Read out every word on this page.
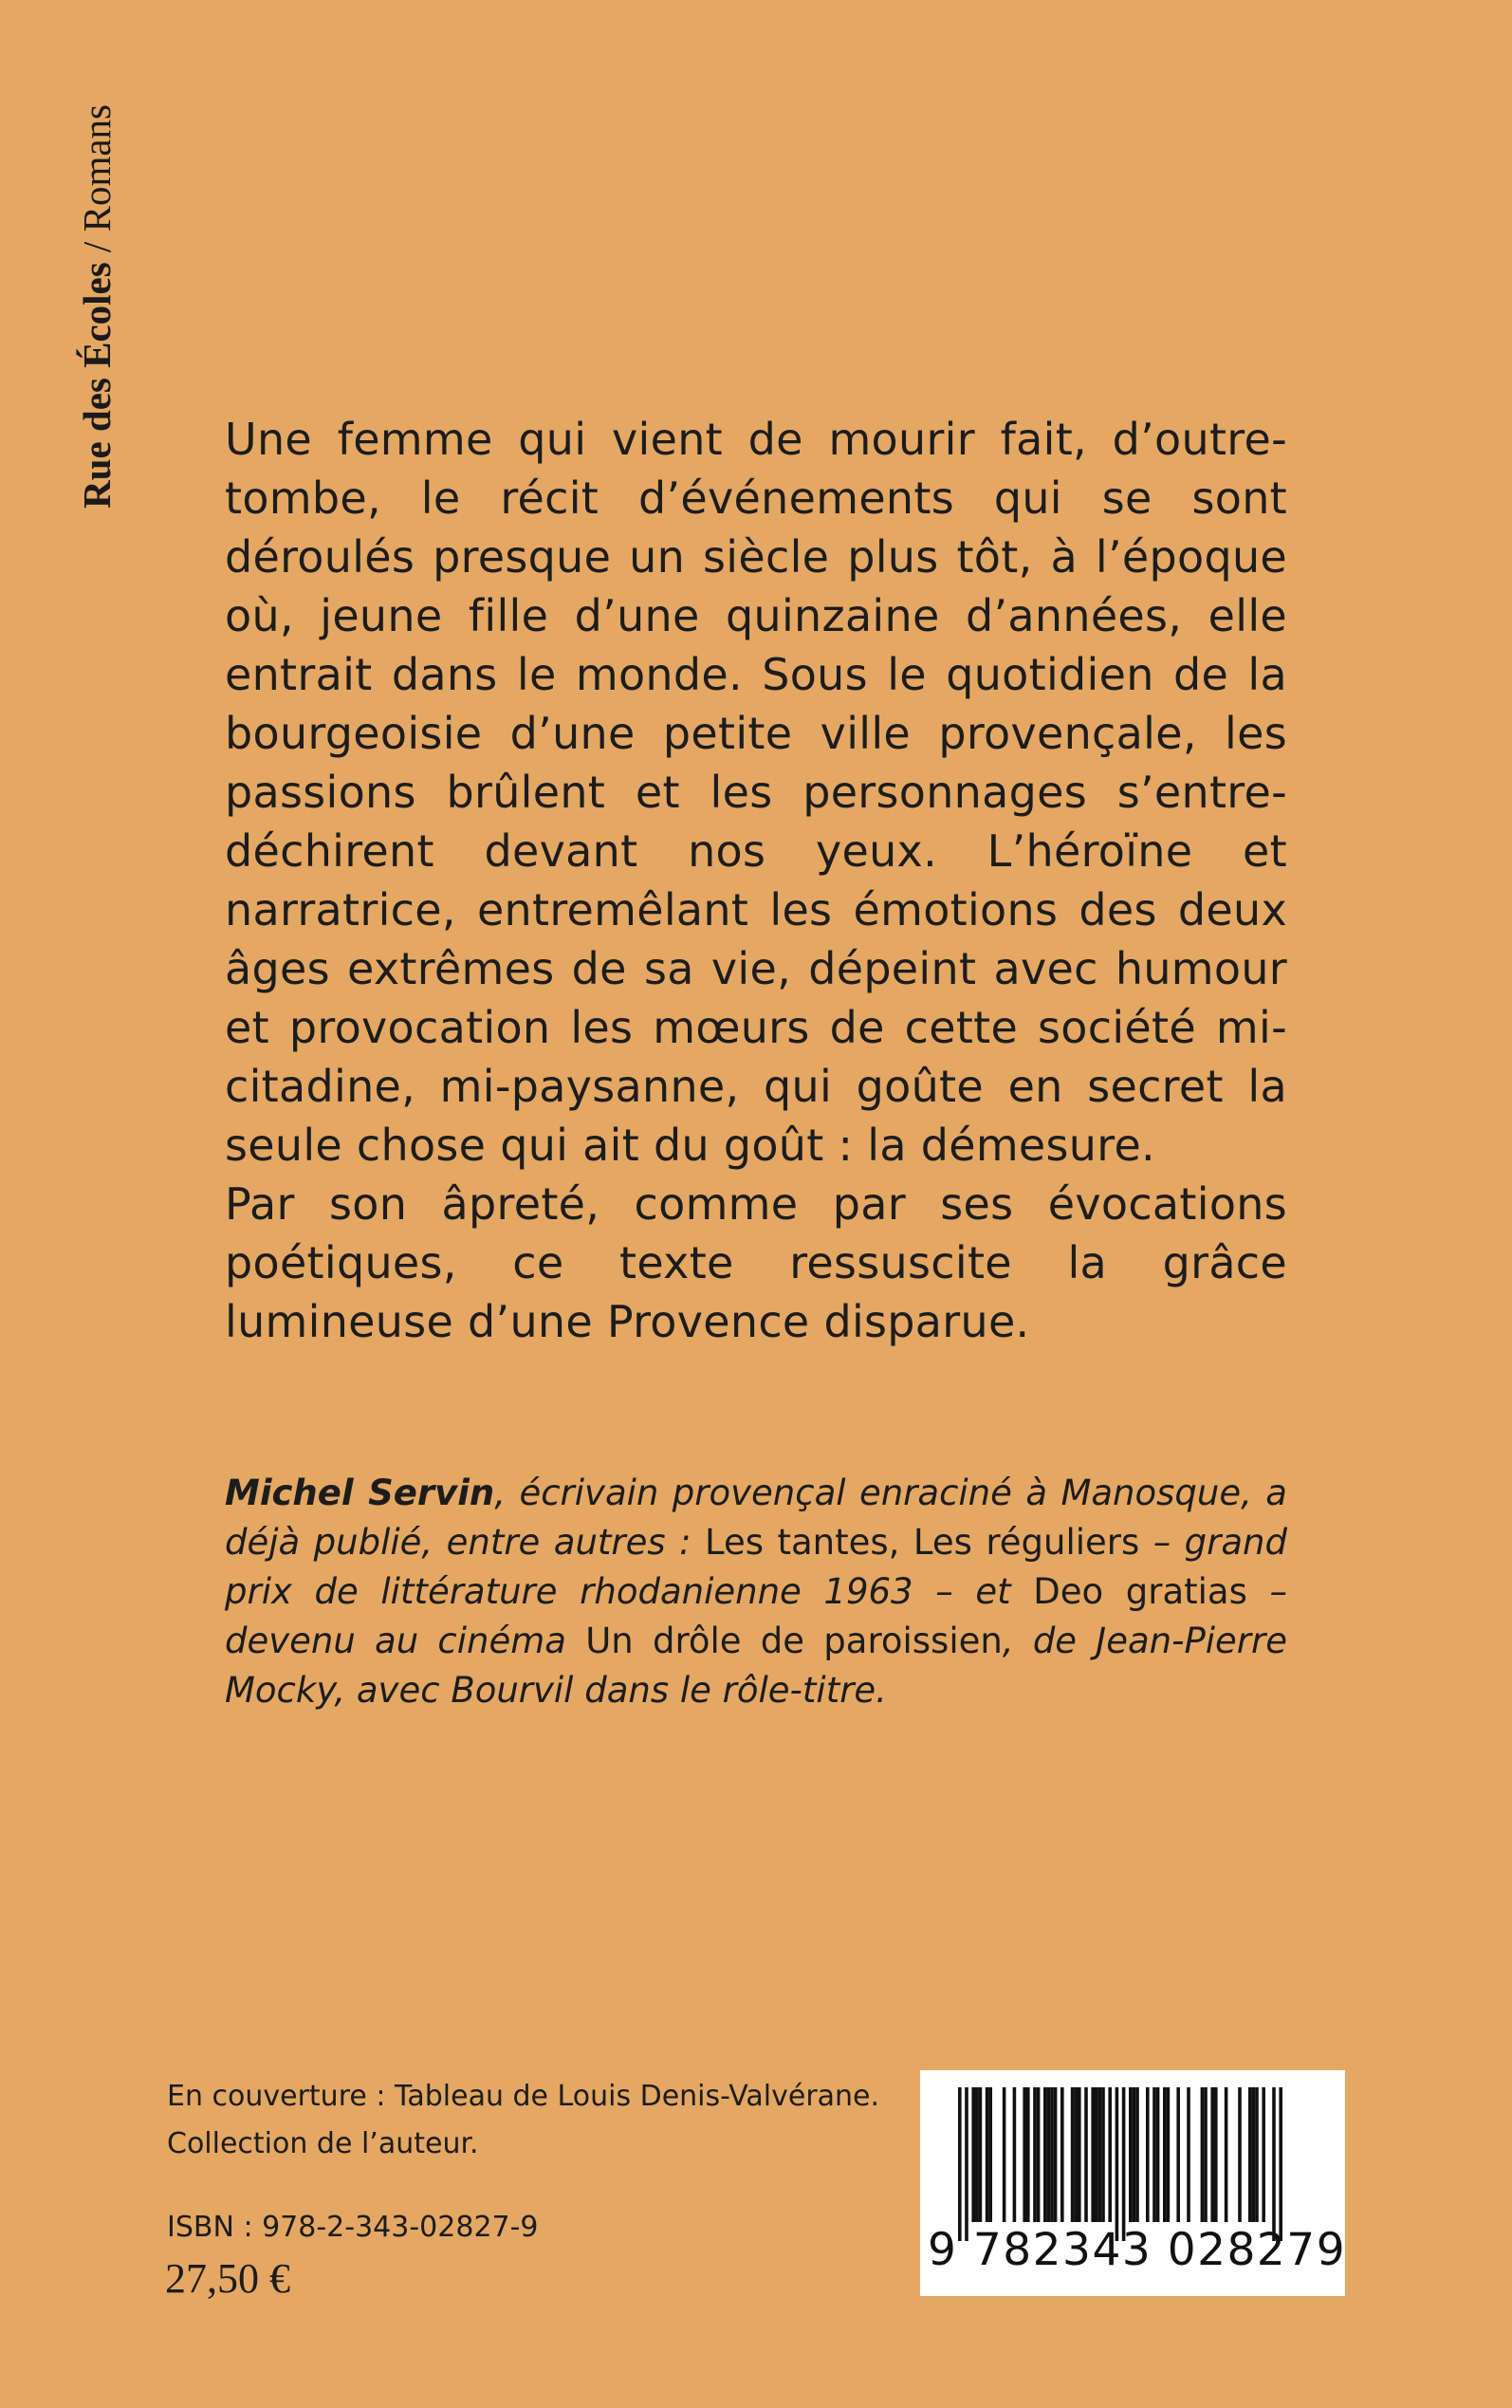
Rue des Écoles / Romans

Une femme qui vient de mourir fait, d’outre-tombe, le récit d’événements qui se sont déroulés presque un siècle plus tôt, à l’époque où, jeune fille d’une quinzaine d’années, elle entrait dans le monde. Sous le quotidien de la bourgeoisie d’une petite ville provençale, les passions brûlent et les personnages s’entre-déchirent devant nos yeux. L’héroïne et narratrice, entremêlant les émotions des deux âges extrêmes de sa vie, dépeint avec humour et provocation les mœurs de cette société mi-citadine, mi-paysanne, qui goûte en secret la seule chose qui ait du goût : la démesure.

Par son âpreté, comme par ses évocations poétiques, ce texte ressuscite la grâce lumineuse d’une Provence disparue.

Michel Servin, écrivain provençal enraciné à Manosque, a déjà publié, entre autres : Les tantes, Les réguliers – grand prix de littérature rhodanienne 1963 – et Deo gratias – devenu au cinéma Un drôle de paroissien, de Jean-Pierre Mocky, avec Bourvil dans le rôle-titre.
En couverture : Tableau de Louis Denis-Valvérane.
Collection de l’auteur.
ISBN : 978-2-343-02827-9
27,50 €
9 782343 028279
